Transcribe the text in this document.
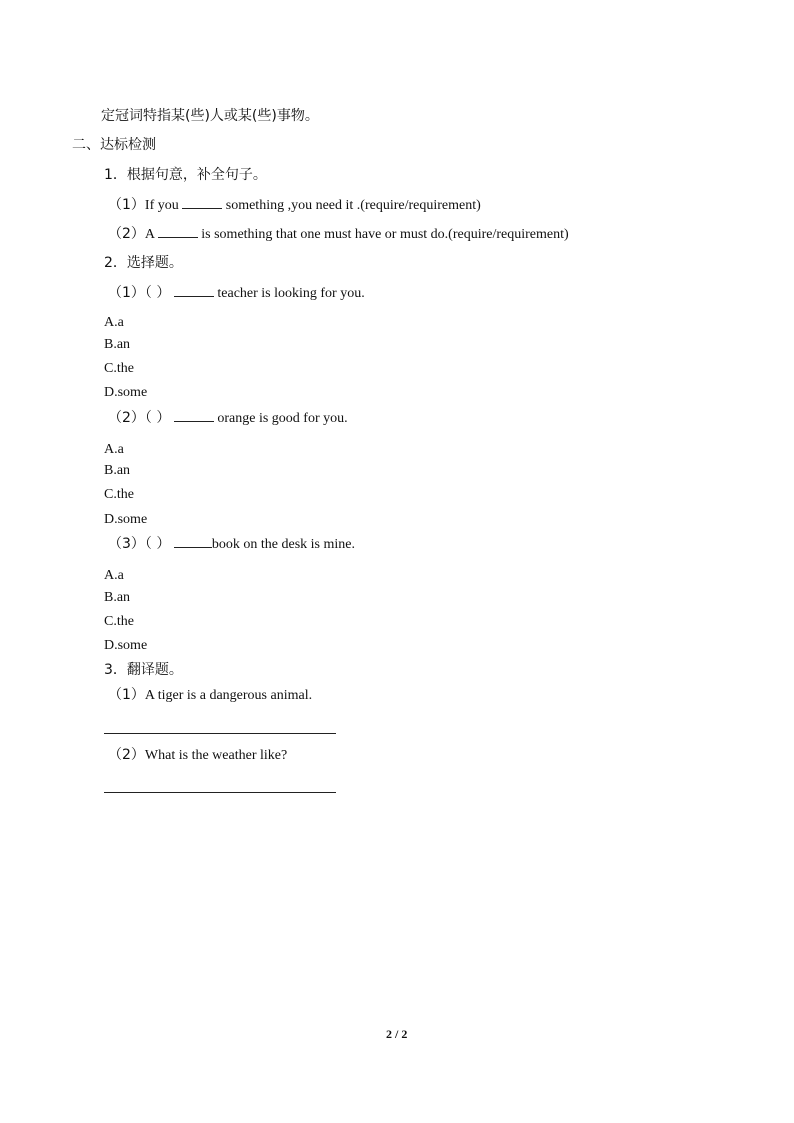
定冠词特指某(些)人或某(些)事物。
二、达标检测
1．根据句意，补全句子。
（1）If you	something ,you need it .(require/requirement)
（2）A	is something that one must have or must do.(require/requirement)
2．选择题。
（1）（ ）	teacher is looking for you.
A.a
B.an
C.the
D.some
（2）（ ）	orange is good for you.
A.a
B.an
C.the
D.some
（3）（ ）	book on the desk is mine.
A.a
B.an
C.the
D.some
3．翻译题。
（1）A tiger is a dangerous animal.
（2）What is the weather like?
2 / 2
